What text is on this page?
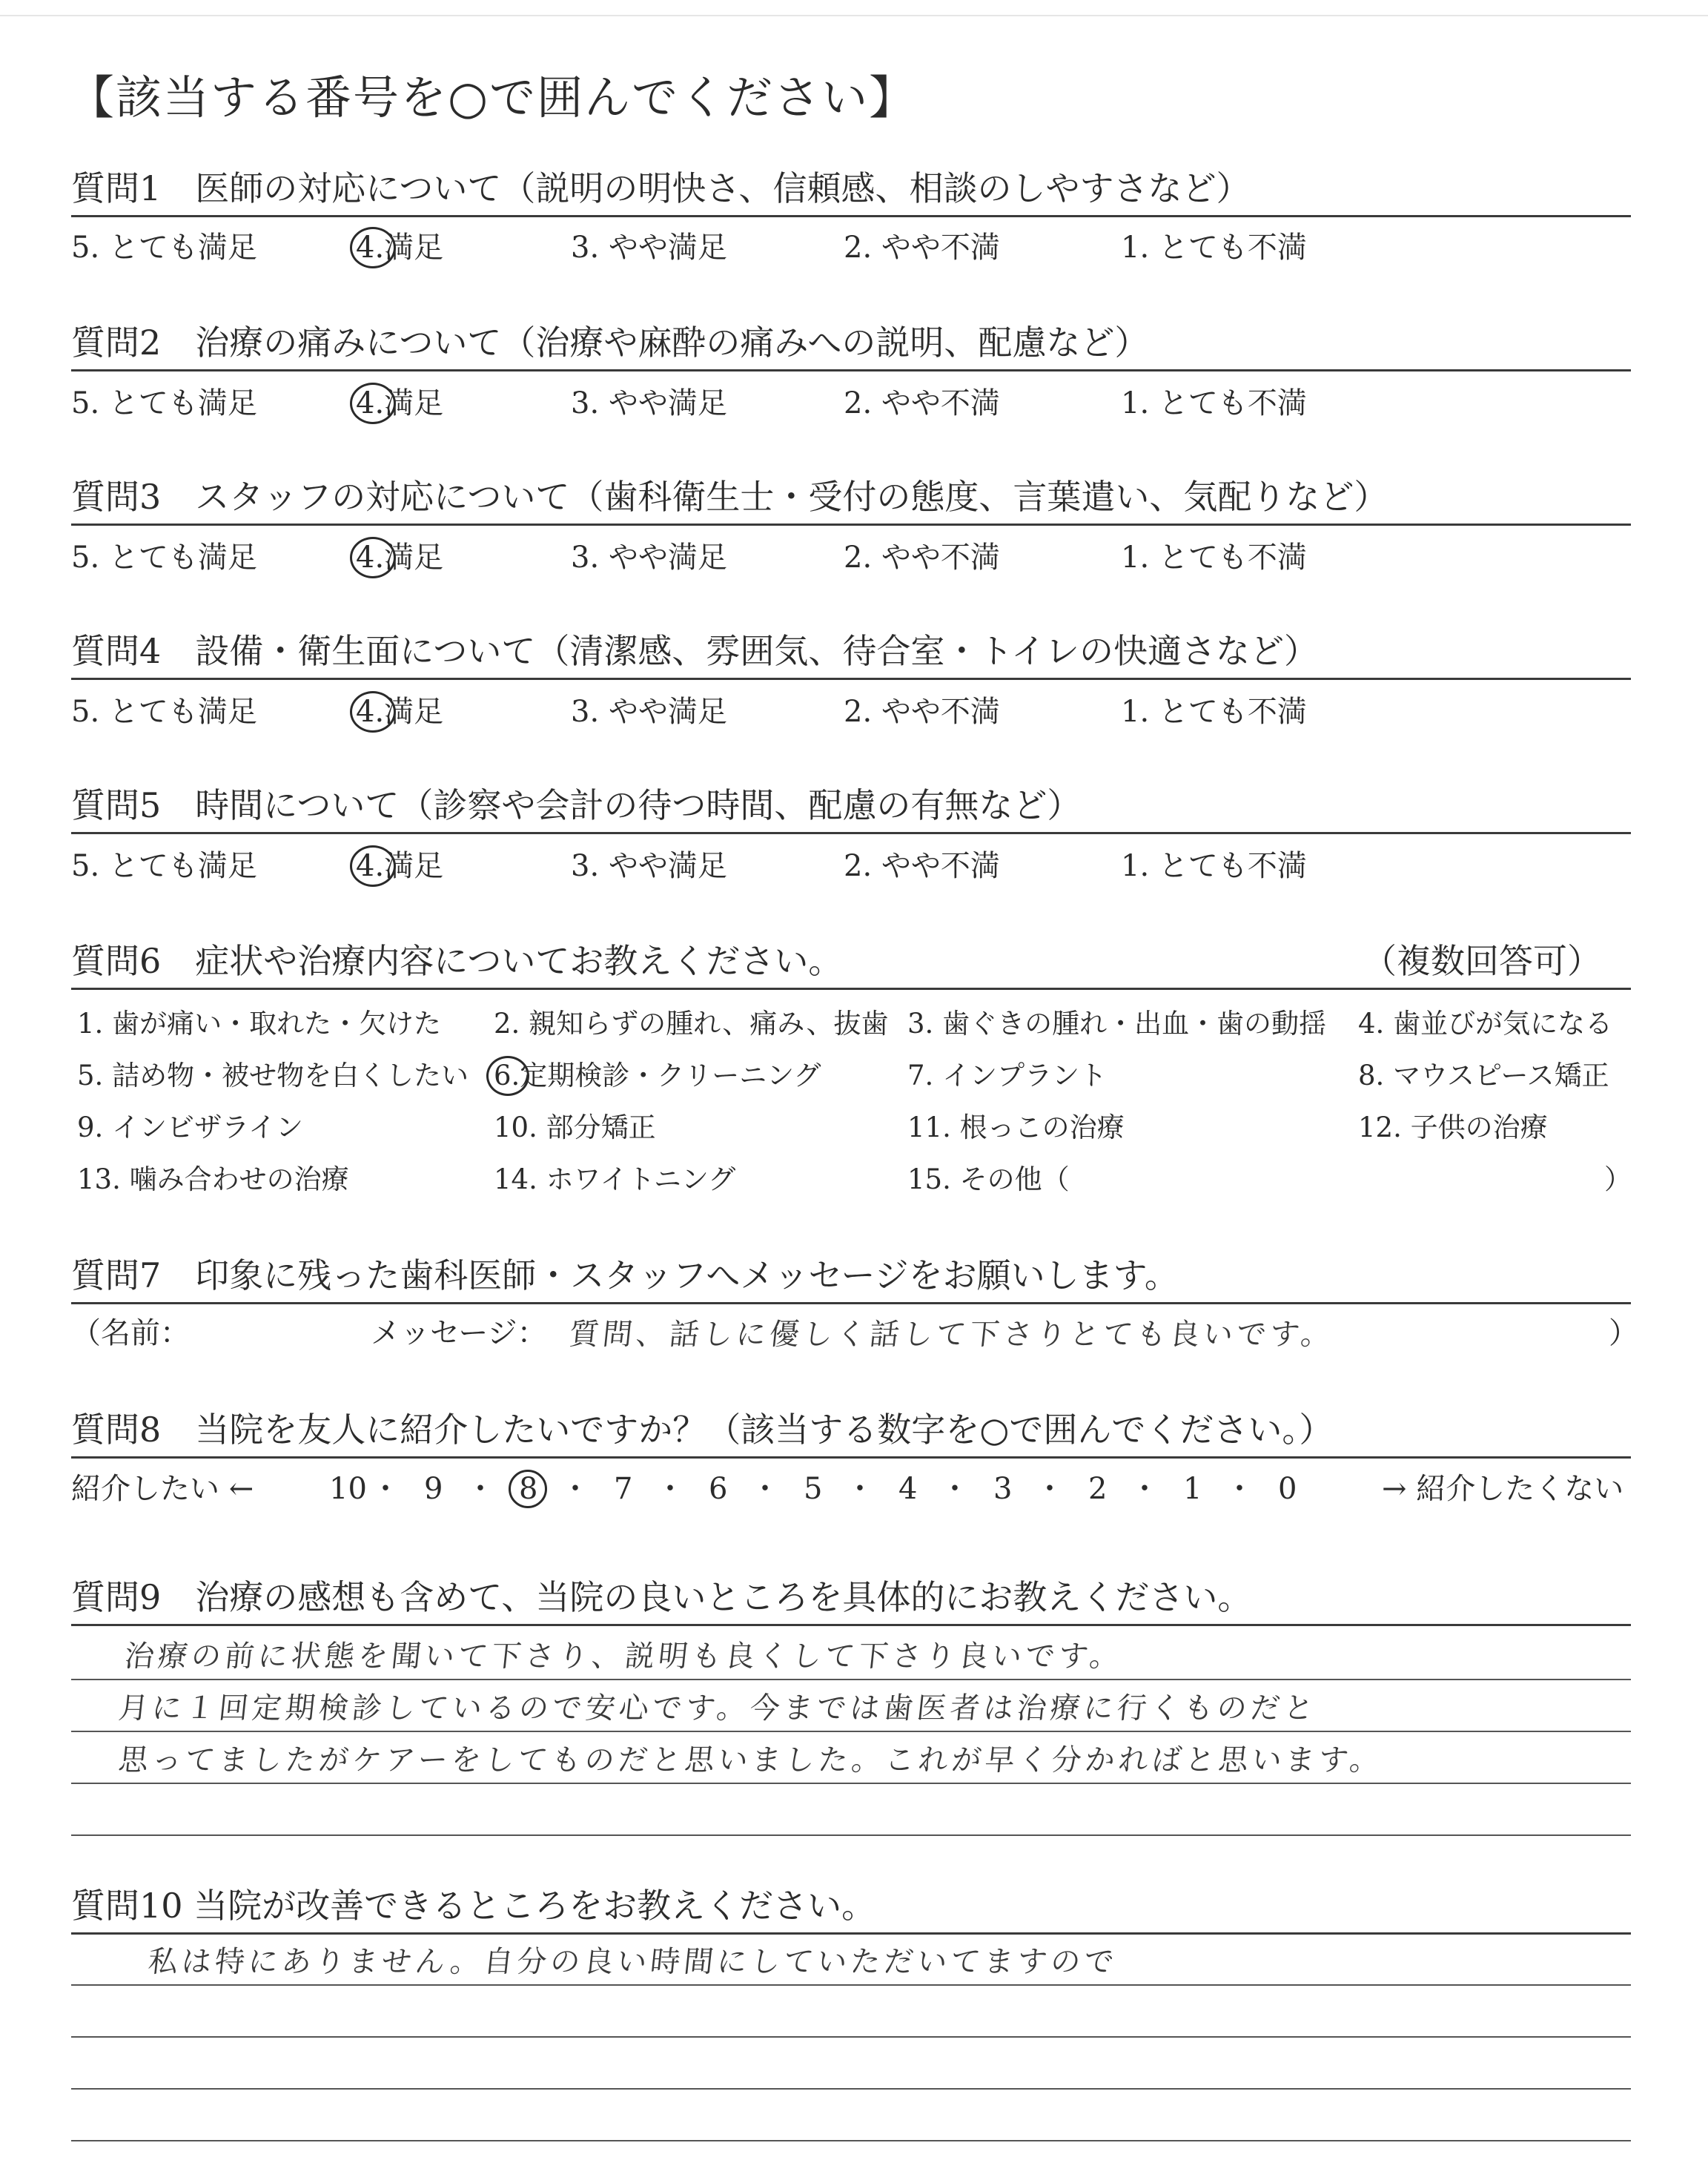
【該当する番号を○で囲んでください】
質問1　医師の対応について（説明の明快さ、信頼感、相談のしやすさなど）
5. とても満足	4.満足	3. やや満足	2. やや不満	1. とても不満
質問2　治療の痛みについて（治療や麻酔の痛みへの説明、配慮など）
5. とても満足	4.満足	3. やや満足	2. やや不満	1. とても不満
質問3　スタッフの対応について（歯科衛生士・受付の態度、言葉遣い、気配りなど）
5. とても満足	4.満足	3. やや満足	2. やや不満	1. とても不満
質問4　設備・衛生面について（清潔感、雰囲気、待合室・トイレの快適さなど）
5. とても満足	4.満足	3. やや満足	2. やや不満	1. とても不満
質問5　時間について（診察や会計の待つ時間、配慮の有無など）
5. とても満足	4.満足	3. やや満足	2. やや不満	1. とても不満
質問6　症状や治療内容についてお教えください。	（複数回答可）
1. 歯が痛い・取れた・欠けた 2. 親知らずの腫れ、痛み、抜歯 3. 歯ぐきの腫れ・出血・歯の動揺 4. 歯並びが気になる
5. 詰め物・被せ物を白くしたい 6.定期検診・クリーニング	7. インプラント	8. マウスピース矯正
9. インビザライン	10. 部分矯正	11. 根っこの治療	12. 子供の治療
13. 噛み合わせの治療	14. ホワイトニング	15. その他（	）
質問7　印象に残った歯科医師・スタッフへメッセージをお願いします。
（名前：	メッセージ： 質問、話しに優しく話して下さりとても良いです。	）
質問8　当院を友人に紹介したいですか？（該当する数字を○で囲んでください。）
紹介したい ←	→ 紹介したくない
10 ・ 9 ・ 8 ・ 7 ・ 6 ・ 5 ・ 4 ・ 3 ・ 2 ・ 1 ・ 0
質問9　治療の感想も含めて、当院の良いところを具体的にお教えください。
治療の前に状態を聞いて下さり、説明も良くして下さり良いです。
月に１回定期検診しているので安心です。今までは歯医者は治療に行くものだと
思ってましたがケアーをしてものだと思いました。これが早く分かればと思います。
質問10 当院が改善できるところをお教えください。
私は特にありません。自分の良い時間にしていただいてますので
